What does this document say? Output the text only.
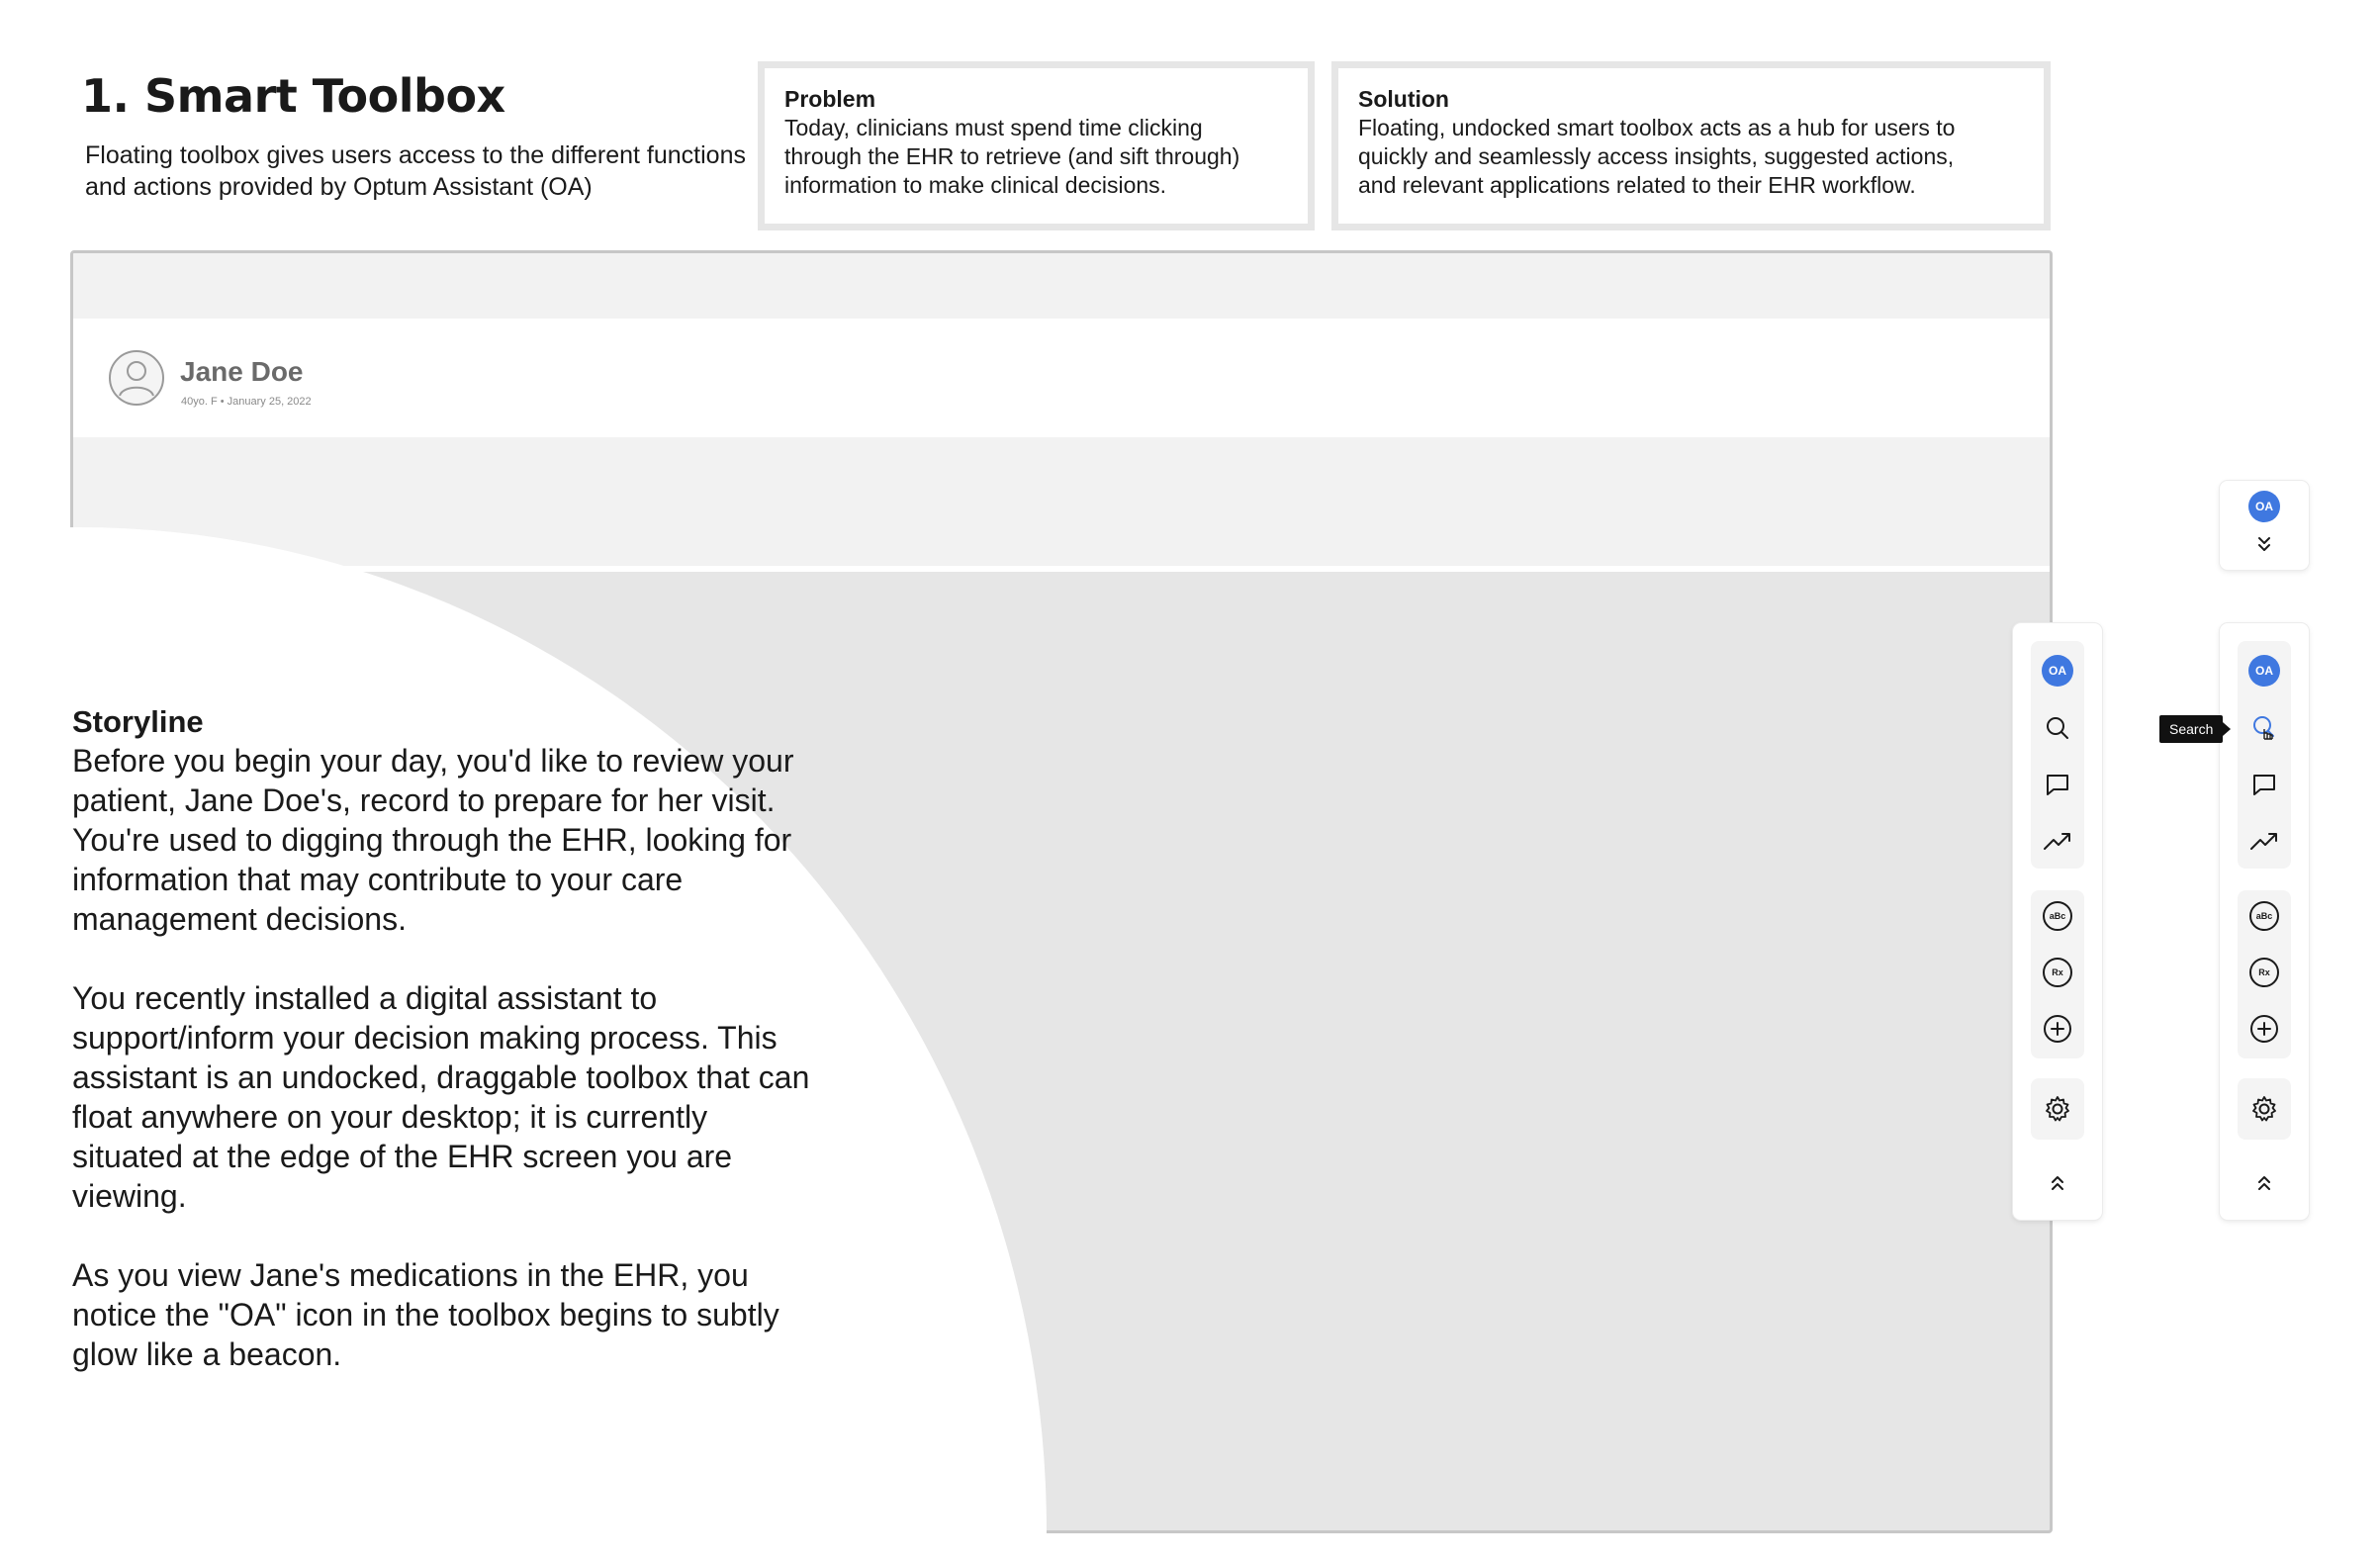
1. Smart Toolbox

Floating toolbox gives users access to the different functions and actions provided by Optum Assistant (OA)

Problem
Today, clinicians must spend time clicking
through the EHR to retrieve (and sift through)
information to make clinical decisions.
Solution
Floating, undocked smart toolbox acts as a hub for users to
quickly and seamlessly access insights, suggested actions,
and relevant applications related to their EHR workflow.
Jane Doe
40yo. F • January 25, 2022
Storyline

Before you begin your day, you'd like to review your
patient, Jane Doe's, record to prepare for her visit.
You're used to digging through the EHR, looking for
information that may contribute to your care
management decisions.

You recently installed a digital assistant to
support/inform your decision making process. This
assistant is an undocked, draggable toolbox that can
float anywhere on your desktop; it is currently
situated at the edge of the EHR screen you are
viewing.

As you view Jane's medications in the EHR, you
notice the "OA" icon in the toolbox begins to subtly
glow like a beacon.

OA
OA
aBc
Rx
OA
aBc
Rx
Search
